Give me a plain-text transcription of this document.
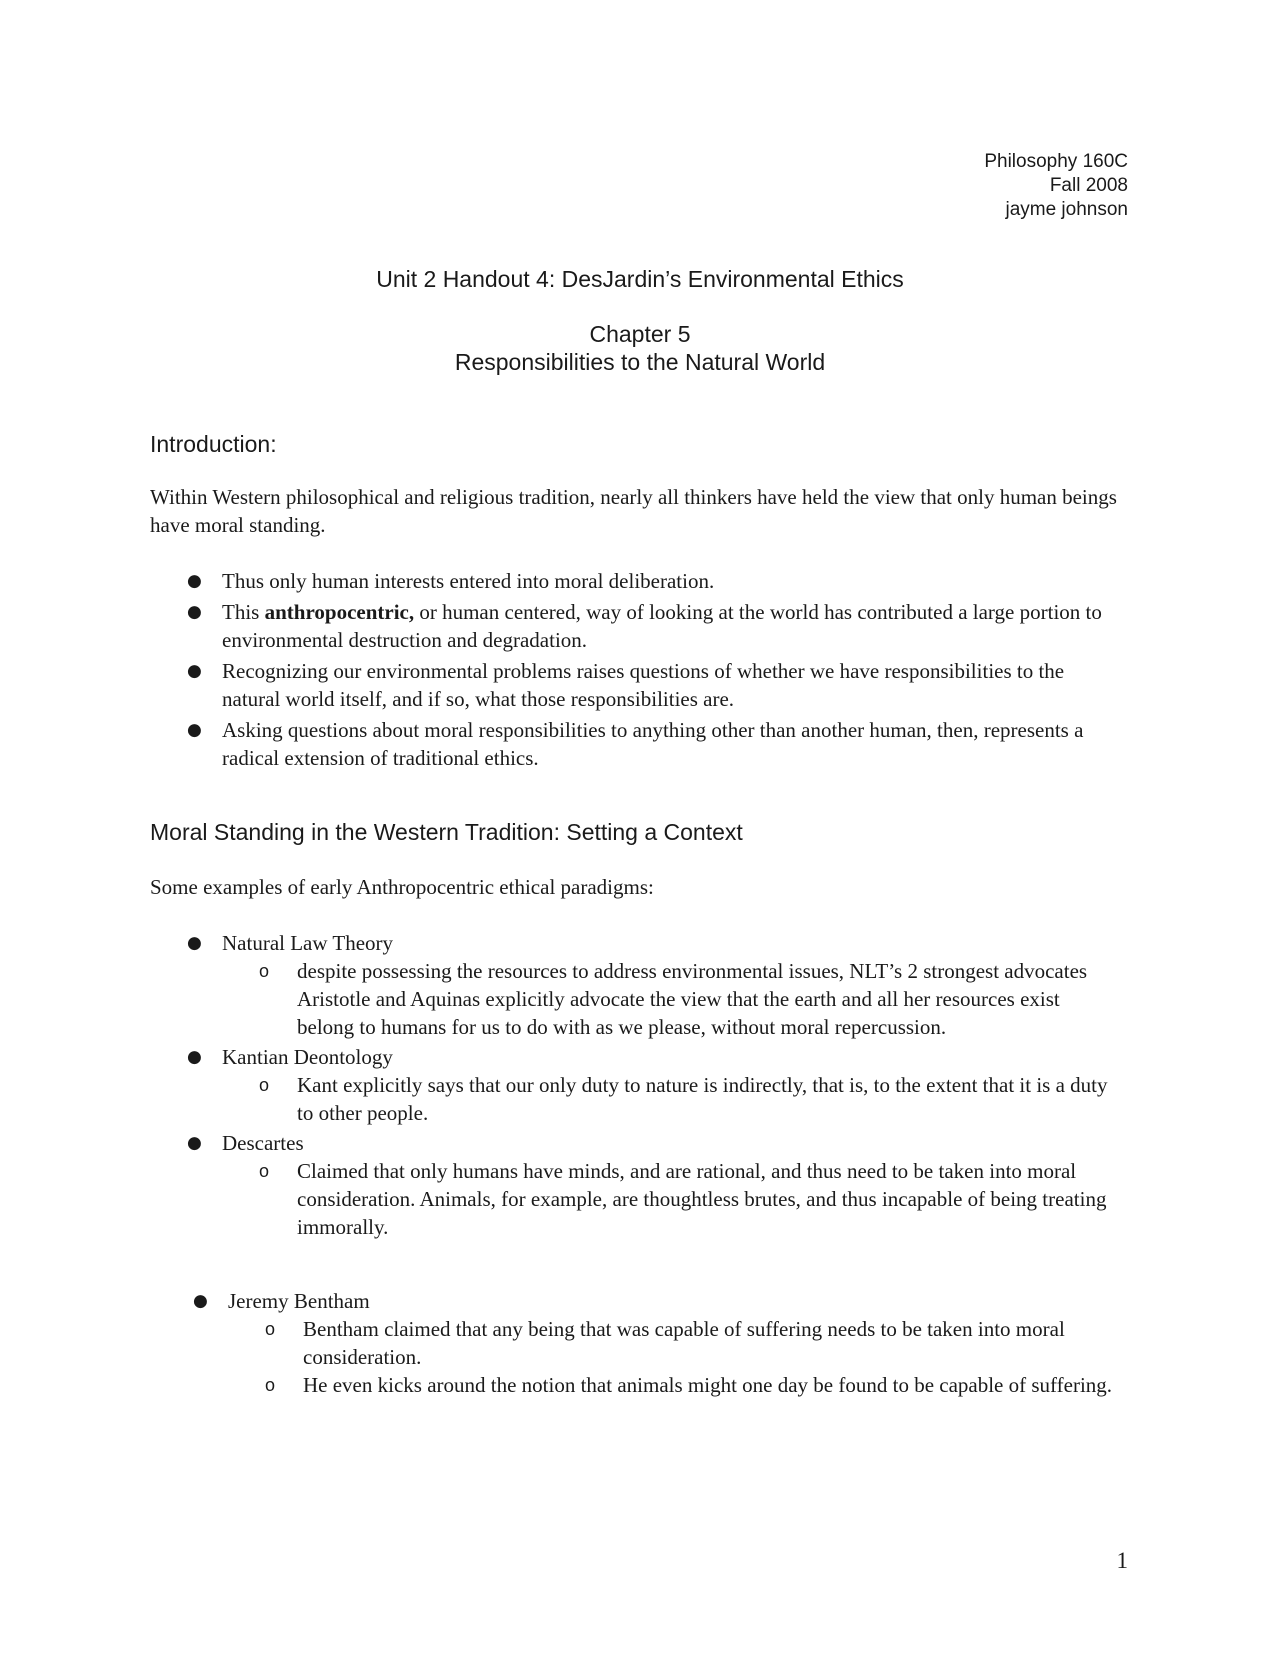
Philosophy 160C
Fall 2008
jayme johnson
Unit 2 Handout 4: DesJardin’s Environmental Ethics
Chapter 5
Responsibilities to the Natural World
Introduction:

Within Western philosophical and religious tradition, nearly all thinkers have held the view that only human beings have moral standing.

● Thus only human interests entered into moral deliberation.
● This anthropocentric, or human centered, way of looking at the world has contributed a large portion to environmental destruction and degradation.
● Recognizing our environmental problems raises questions of whether we have responsibilities to the natural world itself, and if so, what those responsibilities are.
● Asking questions about moral responsibilities to anything other than another human, then, represents a radical extension of traditional ethics.
Moral Standing in the Western Tradition: Setting a Context

Some examples of early Anthropocentric ethical paradigms:

● Natural Law Theory
o despite possessing the resources to address environmental issues, NLT’s 2 strongest advocates Aristotle and Aquinas explicitly advocate the view that the earth and all her resources exist belong to humans for us to do with as we please, without moral repercussion.
● Kantian Deontology
o Kant explicitly says that our only duty to nature is indirectly, that is, to the extent that it is a duty to other people.
● Descartes
o Claimed that only humans have minds, and are rational, and thus need to be taken into moral consideration. Animals, for example, are thoughtless brutes, and thus incapable of being treating immorally.
● Jeremy Bentham
o Bentham claimed that any being that was capable of suffering needs to be taken into moral consideration.
o He even kicks around the notion that animals might one day be found to be capable of suffering.
1
